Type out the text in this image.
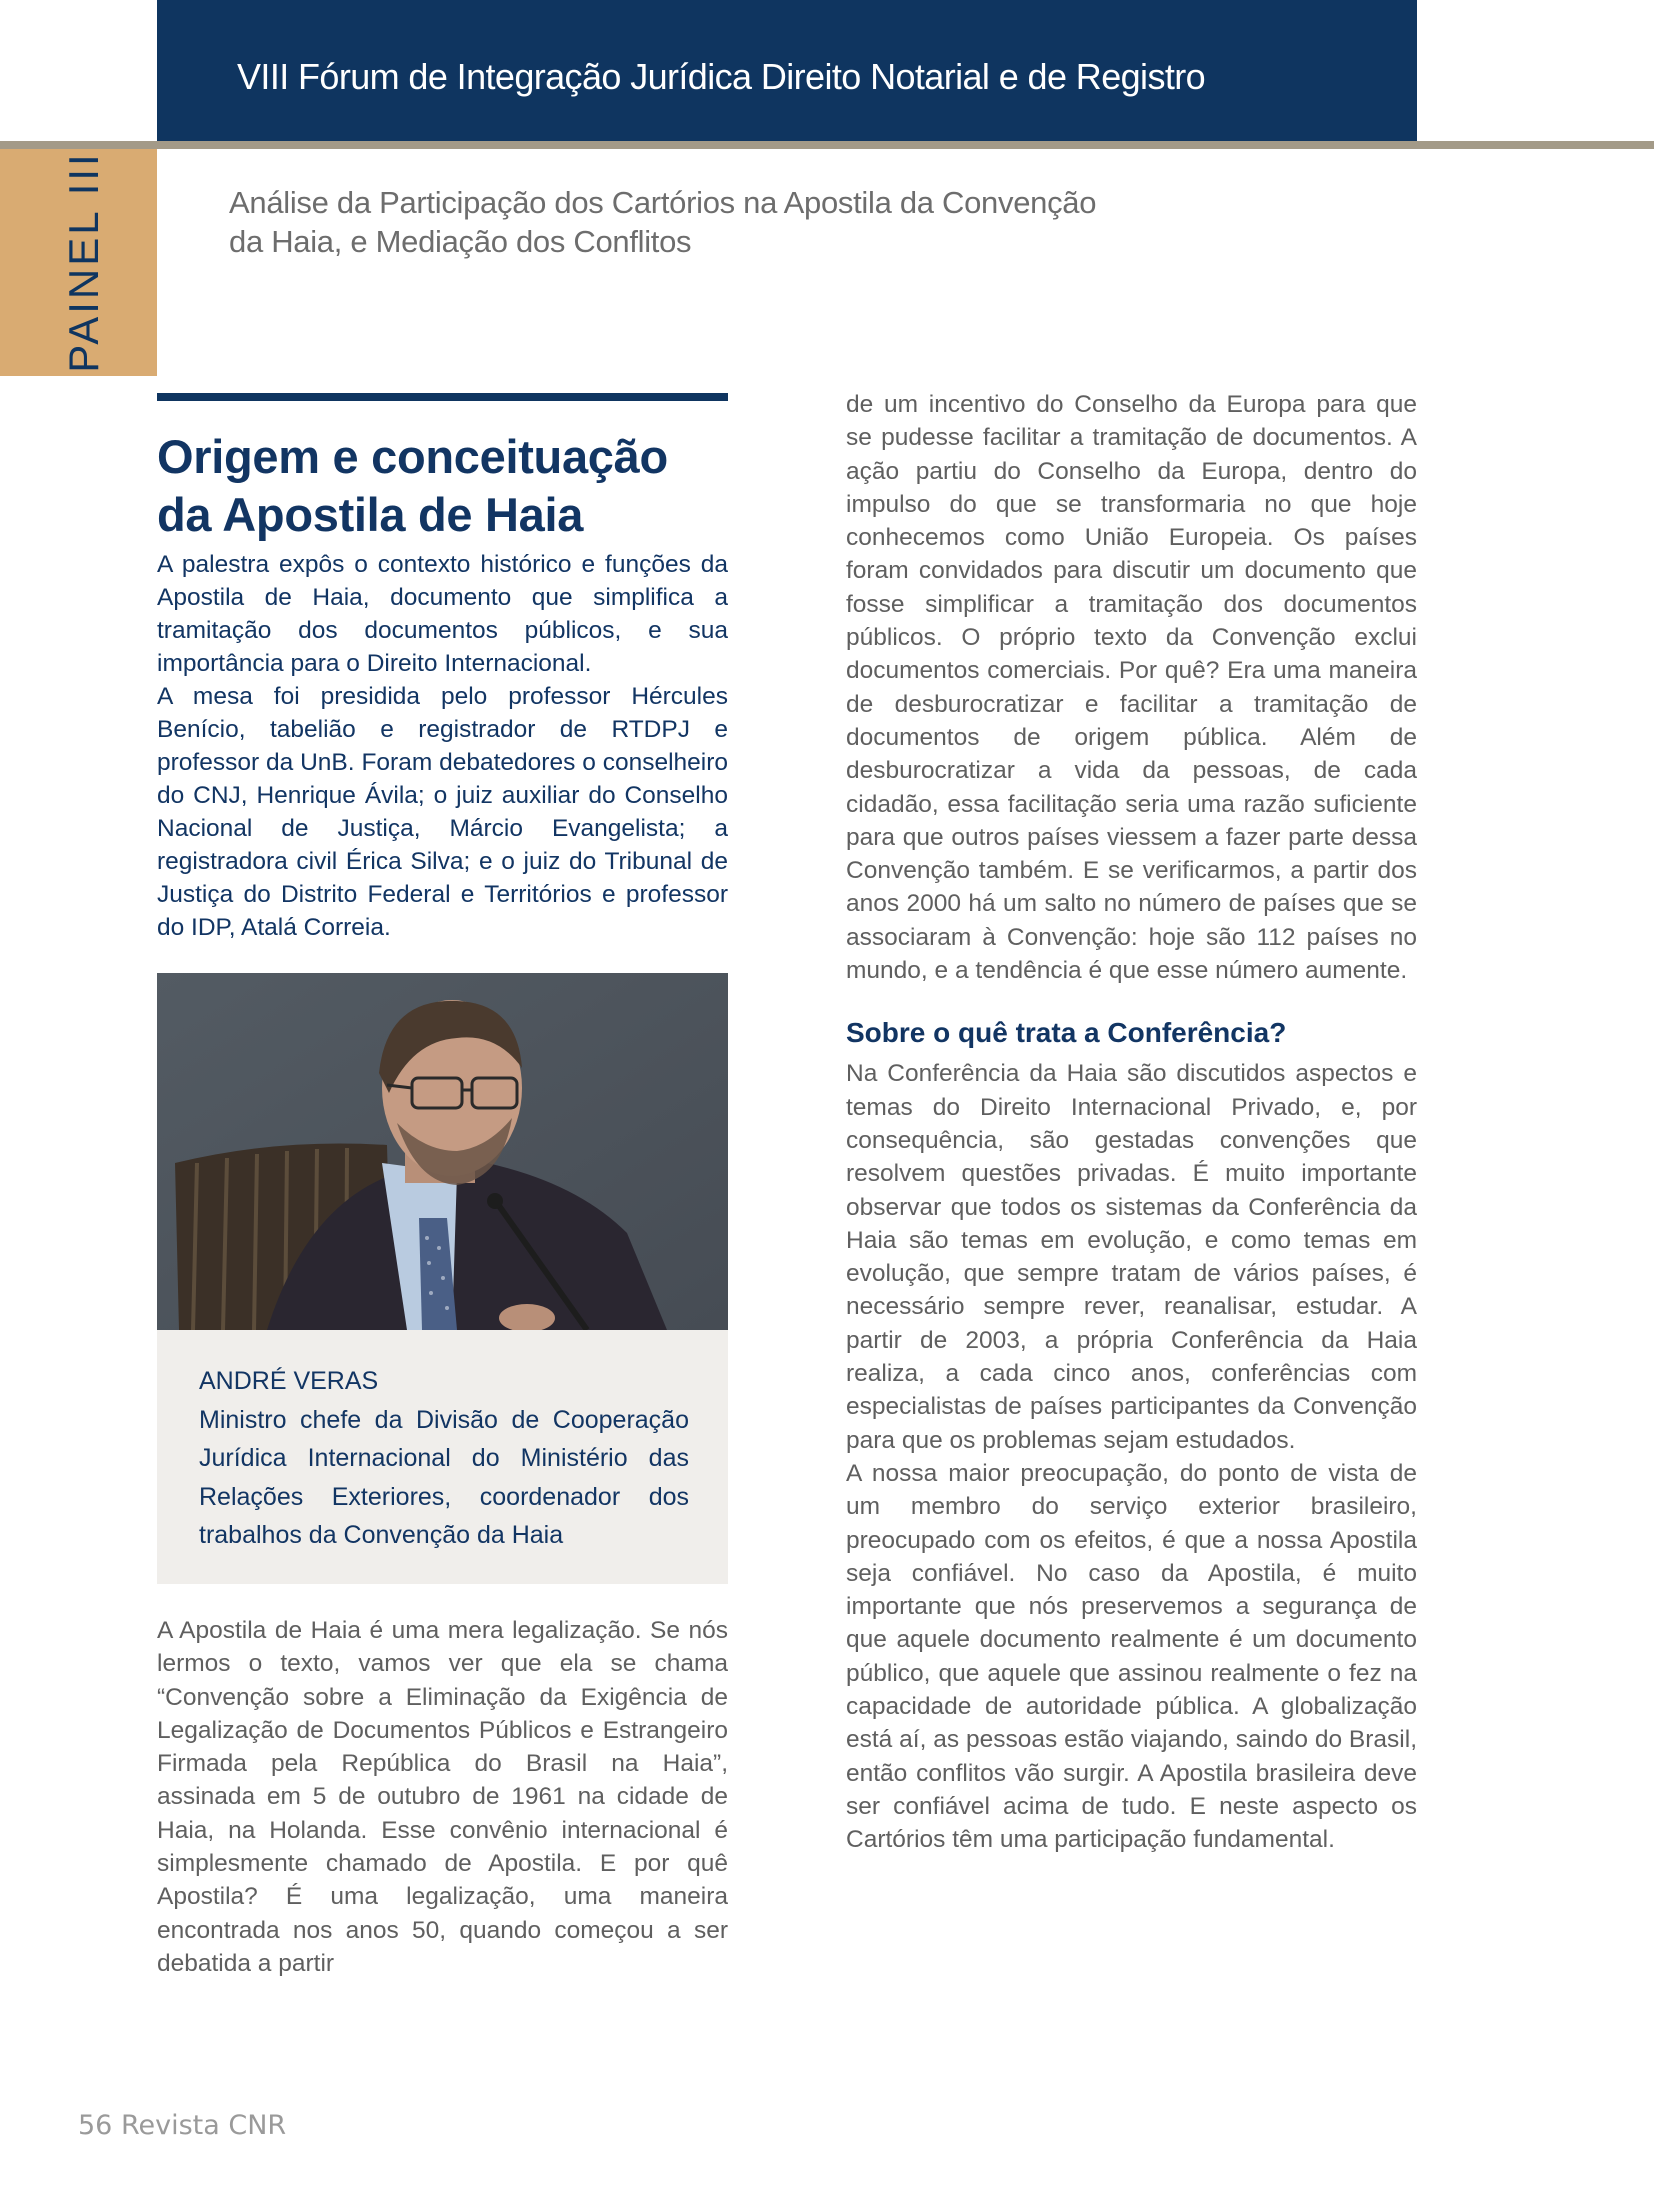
VIII Fórum de Integração Jurídica Direito Notarial e de Registro
PAINEL III	Análise da Participação dos Cartórios na Apostila da Convenção
da Haia, e Mediação dos Conflitos
Origem e conceituação da Apostila de Haia

A palestra expôs o contexto histórico e funções da Apostila de Haia, documento que simplifica a tramitação dos documentos públicos, e sua importância para o Direito Internacional.

A mesa foi presidida pelo professor Hércules Benício, tabelião e registrador de RTDPJ e professor da UnB. Foram debatedores o conselheiro do CNJ, Henrique Ávila; o juiz auxiliar do Conselho Nacional de Justiça, Márcio Evangelista; a registradora civil Érica Silva; e o juiz do Tribunal de Justiça do Distrito Federal e Territórios e professor do IDP, Atalá Correia.

ANDRÉ VERAS
Ministro chefe da Divisão de Cooperação Jurídica Internacional do Ministério das Relações Exteriores, coordenador dos trabalhos da Convenção da Haia

A Apostila de Haia é uma mera legalização. Se nós lermos o texto, vamos ver que ela se chama “Convenção sobre a Eliminação da Exigência de Legalização de Documentos Públicos e Estrangeiro Firmada pela República do Brasil na Haia”, assinada em 5 de outubro de 1961 na cidade de Haia, na Holanda. Esse convênio internacional é simplesmente chamado de Apostila. E por quê Apostila? É uma legalização, uma maneira encontrada nos anos 50, quando começou a ser debatida a partir

de um incentivo do Conselho da Europa para que se pudesse facilitar a tramitação de documentos. A ação partiu do Conselho da Europa, dentro do impulso do que se transformaria no que hoje conhecemos como União Europeia. Os países foram convidados para discutir um documento que fosse simplificar a tramitação dos documentos públicos. O próprio texto da Convenção exclui documentos comerciais. Por quê? Era uma maneira de desburocratizar e facilitar a tramitação de documentos de origem pública. Além de desburocratizar a vida da pessoas, de cada cidadão, essa facilitação seria uma razão suficiente para que outros países viessem a fazer parte dessa Convenção também. E se verificarmos, a partir dos anos 2000 há um salto no número de países que se associaram à Convenção: hoje são 112 países no mundo, e a tendência é que esse número aumente.

Sobre o quê trata a Conferência?

Na Conferência da Haia são discutidos aspectos e temas do Direito Internacional Privado, e, por consequência, são gestadas convenções que resolvem questões privadas. É muito importante observar que todos os sistemas da Conferência da Haia são temas em evolução, e como temas em evolução, que sempre tratam de vários países, é necessário sempre rever, reanalisar, estudar. A partir de 2003, a própria Conferência da Haia realiza, a cada cinco anos, conferências com especialistas de países participantes da Convenção para que os problemas sejam estudados.

A nossa maior preocupação, do ponto de vista de um membro do serviço exterior brasileiro, preocupado com os efeitos, é que a nossa Apostila seja confiável. No caso da Apostila, é muito importante que nós preservemos a segurança de que aquele documento realmente é um documento público, que aquele que assinou realmente o fez na capacidade de autoridade pública. A globalização está aí, as pessoas estão viajando, saindo do Brasil, então conflitos vão surgir. A Apostila brasileira deve ser confiável acima de tudo. E neste aspecto os Cartórios têm uma participação fundamental.

56 Revista CNR
